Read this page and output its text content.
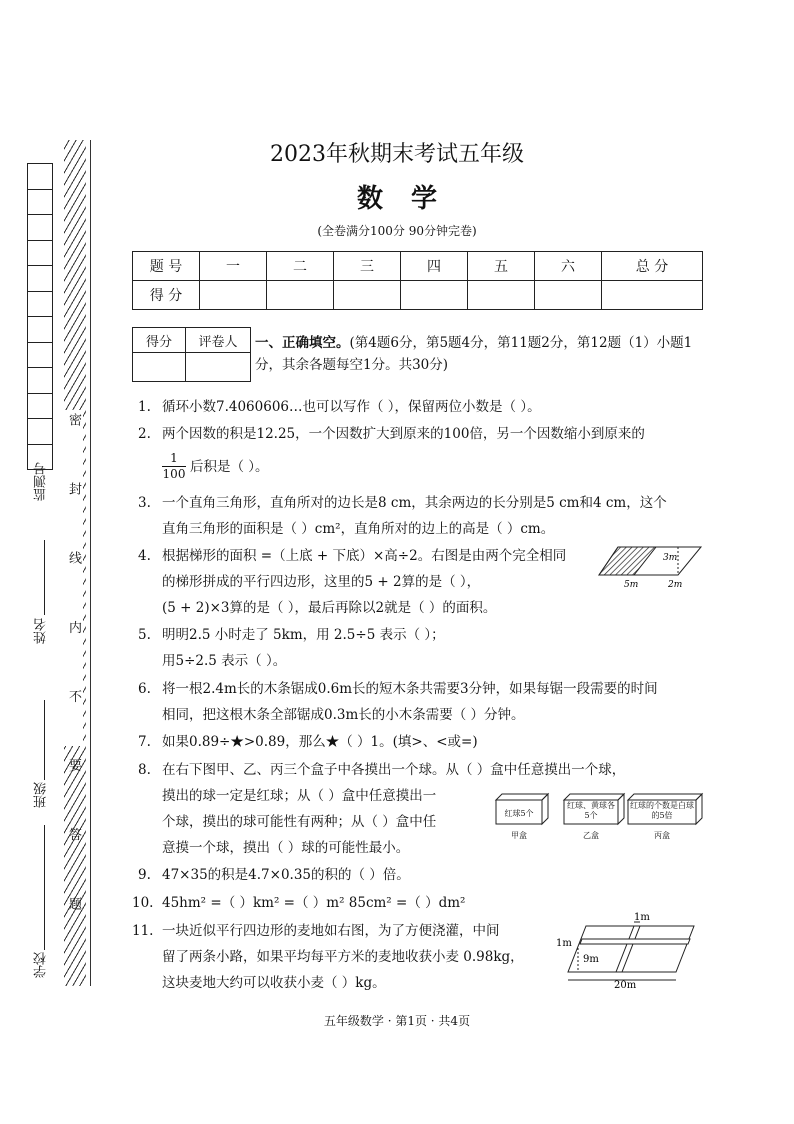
监测号
姓名
班级
学校
密 封 线 内 不 要 答 题
2023年秋期末考试五年级
数学
(全卷满分100分 90分钟完卷)
题 号	一	二	三	四	五	六	总 分
得 分							
得分	评卷人
	一、正确填空。(第4题6分，第5题4分，第11题2分，第12题（1）小题1分，其余各题每空1分。共30分)
1. 循环小数7.4060606…也可以写作（ ），保留两位小数是（ ）。
2. 两个因数的积是12.25，一个因数扩大到原来的100倍，另一个因数缩小到原来的
$\frac{1}{100}$ 后积是（ ）。
3. 一个直角三角形，直角所对的边长是8 cm，其余两边的长分别是5 cm和4 cm，这个
直角三角形的面积是（ ）cm²，直角所对的边上的高是（ ）cm。
4. 根据梯形的面积 =（上底 + 下底）×高÷2。右图是由两个完全相同
的梯形拼成的平行四边形，这里的5 + 2算的是（ ），
(5 + 2)×3算的是（ ），最后再除以2就是（ ）的面积。
3m
5m	2m
5. 明明2.5 小时走了 5km，用 2.5÷5 表示（ ）；
用5÷2.5 表示（ ）。
6. 将一根2.4m长的木条锯成0.6m长的短木条共需要3分钟，如果每锯一段需要的时间
相同，把这根木条全部锯成0.3m长的小木条需要（ ）分钟。
7. 如果0.89÷★>0.89，那么★（ ）1。(填>、<或=)
8. 在右下图甲、乙、丙三个盒子中各摸出一个球。从（ ）盒中任意摸出一个球，
摸出的球一定是红球；从（ ）盒中任意摸出一
个球，摸出的球可能性有两种；从（ ）盒中任
意摸一个球，摸出（ ）球的可能性最小。
红球5个
红球、黄球各5个
红球的个数是白球的5倍
甲盒	乙盒	丙盒
9. 47×35的积是4.7×0.35的积的（ ）倍。
10. 45hm² =（ ）km² =（ ）m² 85cm² =（ ）dm²
11. 一块近似平行四边形的麦地如右图，为了方便浇灌，中间
留了两条小路，如果平均每平方米的麦地收获小麦 0.98kg，
这块麦地大约可以收获小麦（ ）kg。
1m
1m
9m
20m
五年级数学 · 第1页 · 共4页
